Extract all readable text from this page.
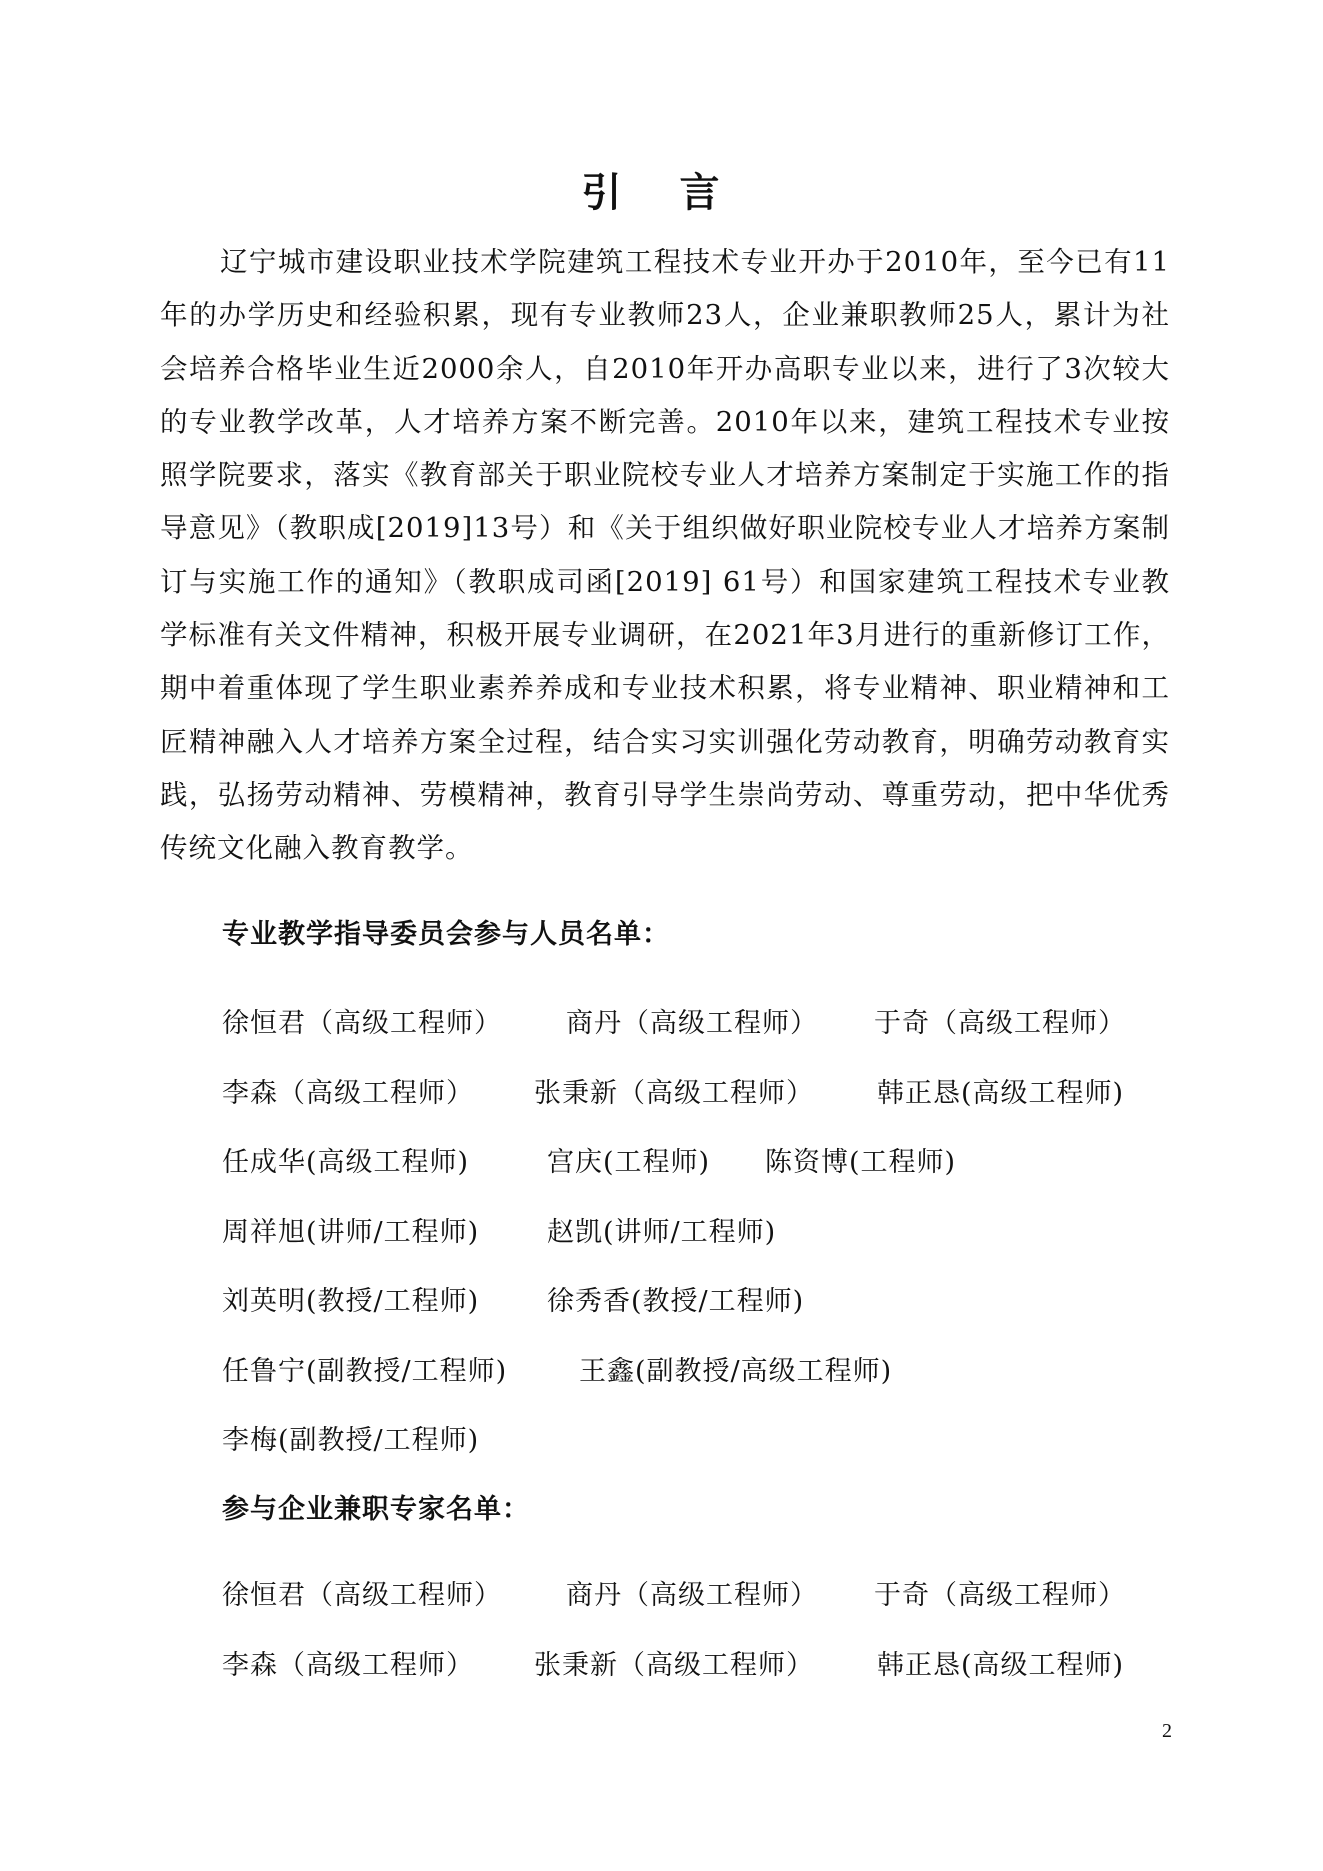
引 言

辽宁城市建设职业技术学院建筑工程技术专业开办于2010年，至今已有11年的办学历史和经验积累，现有专业教师23人，企业兼职教师25人，累计为社会培养合格毕业生近2000余人，自2010年开办高职专业以来，进行了3次较大的专业教学改革，人才培养方案不断完善。2010年以来，建筑工程技术专业按照学院要求，落实《教育部关于职业院校专业人才培养方案制定于实施工作的指导意见》（教职成[2019]13号）和《关于组织做好职业院校专业人才培养方案制订与实施工作的通知》（教职成司函[2019] 61号）和国家建筑工程技术专业教学标准有关文件精神，积极开展专业调研，在2021年3月进行的重新修订工作，期中着重体现了学生职业素养养成和专业技术积累，将专业精神、职业精神和工匠精神融入人才培养方案全过程，结合实习实训强化劳动教育，明确劳动教育实践，弘扬劳动精神、劳模精神，教育引导学生崇尚劳动、尊重劳动，把中华优秀传统文化融入教育教学。

专业教学指导委员会参与人员名单：
徐恒君（高级工程师） 商丹（高级工程师） 于奇（高级工程师）
李森（高级工程师） 张秉新（高级工程师） 韩正恳(高级工程师)
任成华(高级工程师)	宫庆(工程师) 陈资博(工程师)
周祥旭(讲师/工程师)	赵凯(讲师/工程师)
刘英明(教授/工程师)	徐秀香(教授/工程师)
任鲁宁(副教授/工程师)	王鑫(副教授/高级工程师)
李梅(副教授/工程师)
参与企业兼职专家名单：
徐恒君（高级工程师） 商丹（高级工程师） 于奇（高级工程师）
李森（高级工程师） 张秉新（高级工程师） 韩正恳(高级工程师)
2
